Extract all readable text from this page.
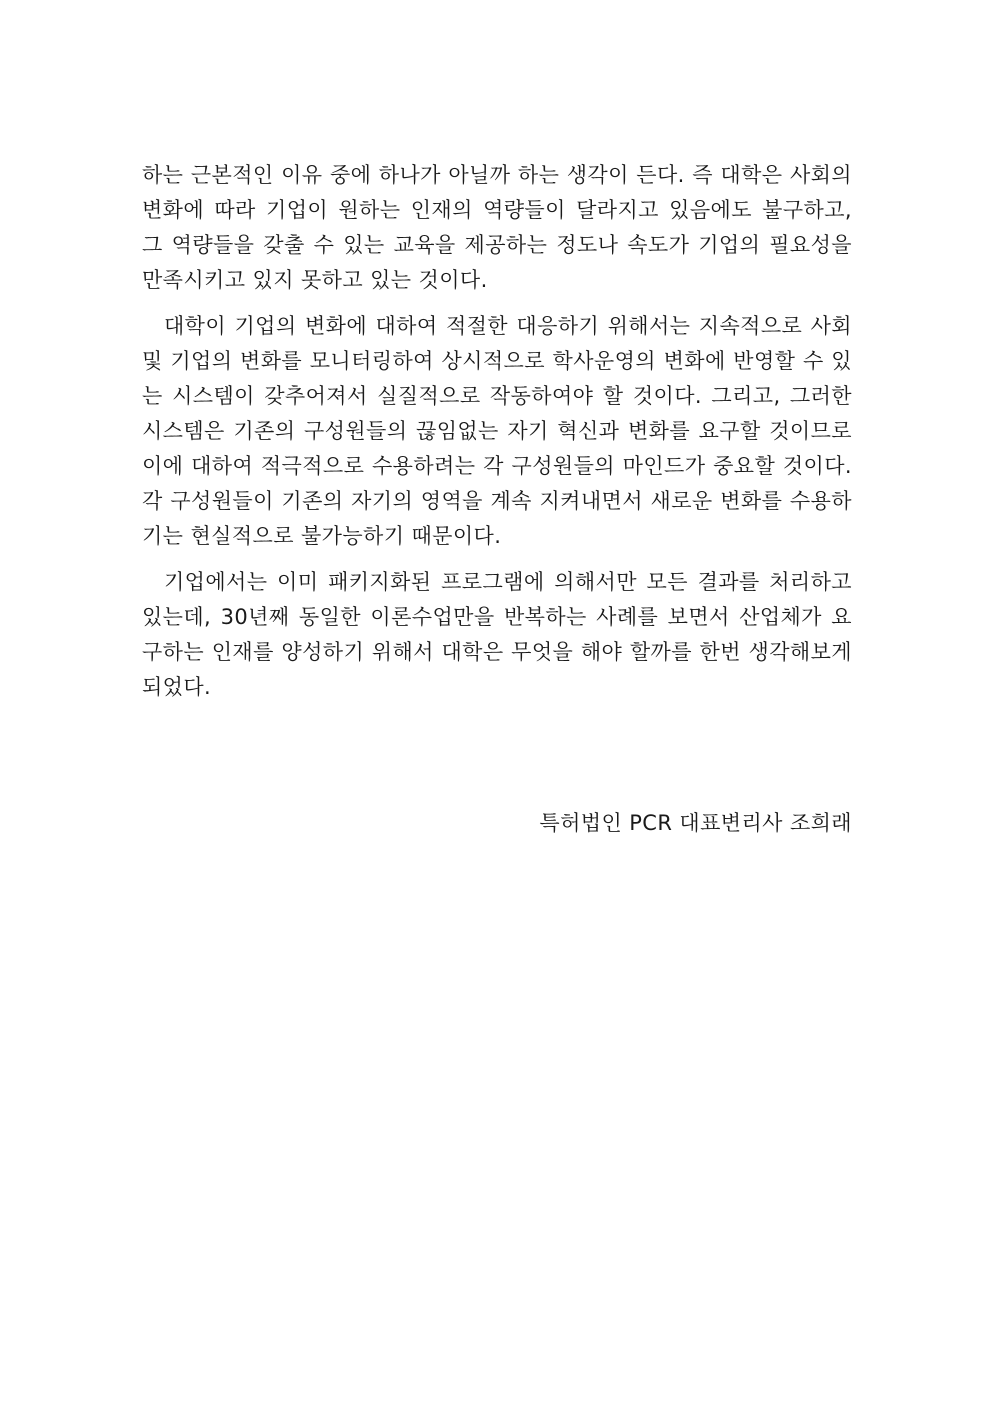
하는 근본적인 이유 중에 하나가 아닐까 하는 생각이 든다. 즉 대학은 사회의 변화에 따라 기업이 원하는 인재의 역량들이 달라지고 있음에도 불구하고, 그 역량들을 갖출 수 있는 교육을 제공하는 정도나 속도가 기업의 필요성을 만족시키고 있지 못하고 있는 것이다.

대학이 기업의 변화에 대하여 적절한 대응하기 위해서는 지속적으로 사회 및 기업의 변화를 모니터링하여 상시적으로 학사운영의 변화에 반영할 수 있는 시스템이 갖추어져서 실질적으로 작동하여야 할 것이다. 그리고, 그러한 시스템은 기존의 구성원들의 끊임없는 자기 혁신과 변화를 요구할 것이므로 이에 대하여 적극적으로 수용하려는 각 구성원들의 마인드가 중요할 것이다. 각 구성원들이 기존의 자기의 영역을 계속 지켜내면서 새로운 변화를 수용하기는 현실적으로 불가능하기 때문이다.

기업에서는 이미 패키지화된 프로그램에 의해서만 모든 결과를 처리하고 있는데, 30년째 동일한 이론수업만을 반복하는 사례를 보면서 산업체가 요구하는 인재를 양성하기 위해서 대학은 무엇을 해야 할까를 한번 생각해보게 되었다.

특허법인 PCR 대표변리사 조희래
